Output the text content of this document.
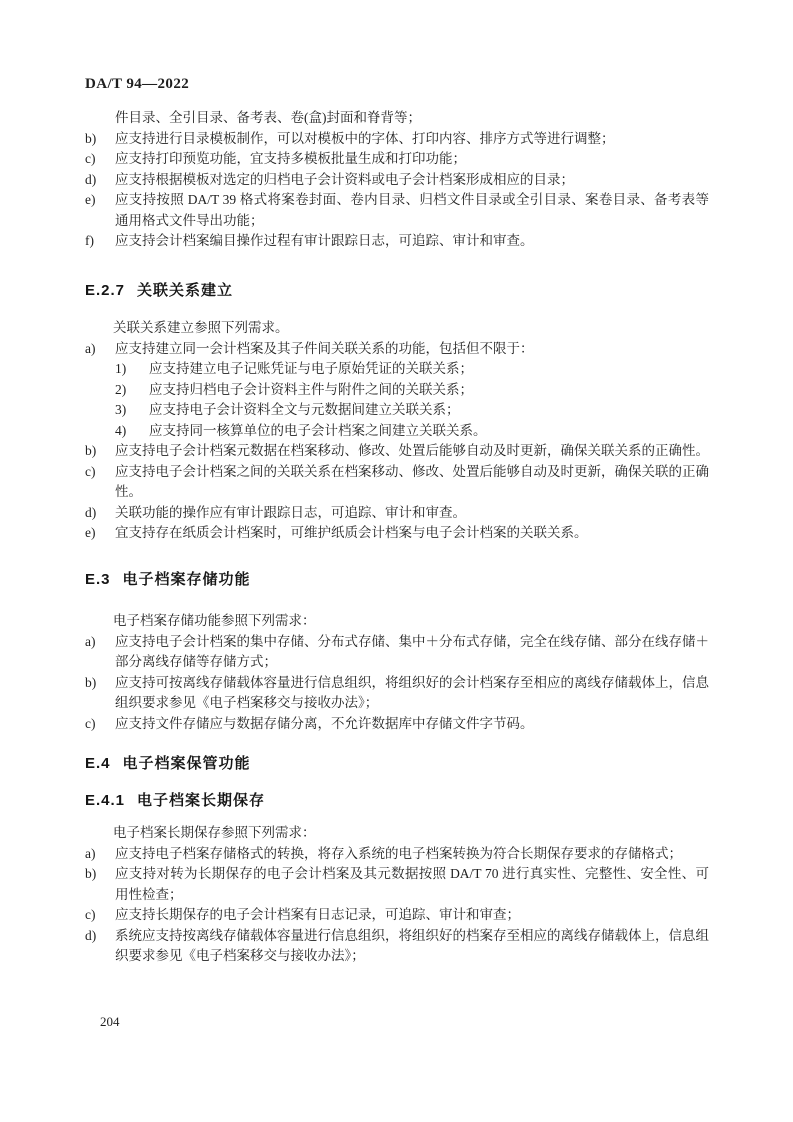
DA/T 94—2022
件目录、全引目录、备考表、卷(盒)封面和脊背等；
b) 应支持进行目录模板制作，可以对模板中的字体、打印内容、排序方式等进行调整；
c) 应支持打印预览功能，宜支持多模板批量生成和打印功能；
d) 应支持根据模板对选定的归档电子会计资料或电子会计档案形成相应的目录；
e) 应支持按照 DA/T 39 格式将案卷封面、卷内目录、归档文件目录或全引目录、案卷目录、备考表等通用格式文件导出功能；
f) 应支持会计档案编目操作过程有审计跟踪日志，可追踪、审计和审查。
E.2.7 关联关系建立
关联关系建立参照下列需求。
a) 应支持建立同一会计档案及其子件间关联关系的功能，包括但不限于：
1) 应支持建立电子记账凭证与电子原始凭证的关联关系；
2) 应支持归档电子会计资料主件与附件之间的关联关系；
3) 应支持电子会计资料全文与元数据间建立关联关系；
4) 应支持同一核算单位的电子会计档案之间建立关联关系。
b) 应支持电子会计档案元数据在档案移动、修改、处置后能够自动及时更新，确保关联关系的正确性。
c) 应支持电子会计档案之间的关联关系在档案移动、修改、处置后能够自动及时更新，确保关联的正确性。
d) 关联功能的操作应有审计跟踪日志，可追踪、审计和审查。
e) 宜支持存在纸质会计档案时，可维护纸质会计档案与电子会计档案的关联关系。
E.3 电子档案存储功能
电子档案存储功能参照下列需求：
a) 应支持电子会计档案的集中存储、分布式存储、集中＋分布式存储，完全在线存储、部分在线存储＋部分离线存储等存储方式；
b) 应支持可按离线存储载体容量进行信息组织，将组织好的会计档案存至相应的离线存储载体上，信息组织要求参见《电子档案移交与接收办法》；
c) 应支持文件存储应与数据存储分离，不允许数据库中存储文件字节码。
E.4 电子档案保管功能
E.4.1 电子档案长期保存
电子档案长期保存参照下列需求：
a) 应支持电子档案存储格式的转换，将存入系统的电子档案转换为符合长期保存要求的存储格式；
b) 应支持对转为长期保存的电子会计档案及其元数据按照 DA/T 70 进行真实性、完整性、安全性、可用性检查；
c) 应支持长期保存的电子会计档案有日志记录，可追踪、审计和审查；
d) 系统应支持按离线存储载体容量进行信息组织，将组织好的档案存至相应的离线存储载体上，信息组织要求参见《电子档案移交与接收办法》；
204
